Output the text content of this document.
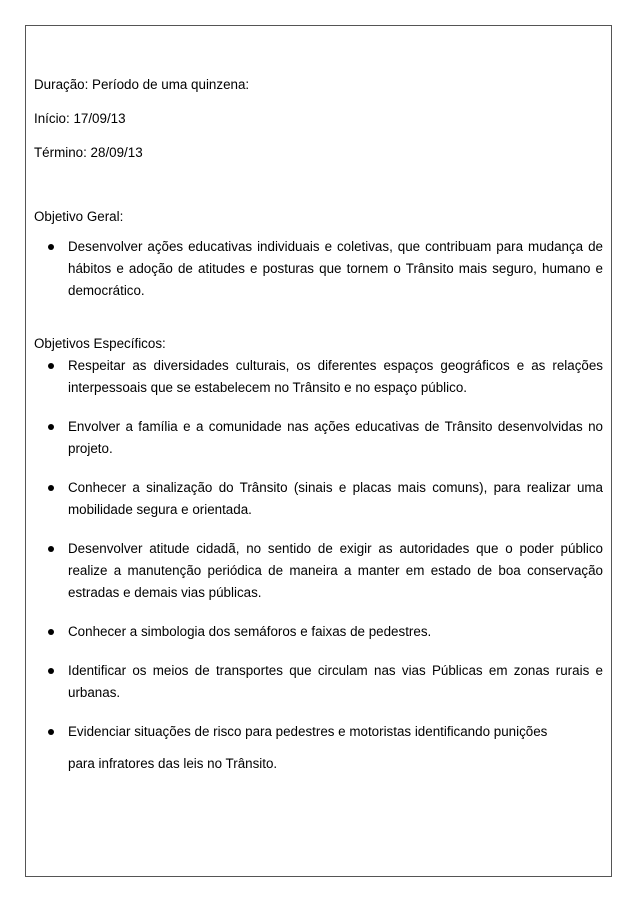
Duração: Período de uma quinzena:

Início: 17/09/13

Término: 28/09/13

Objetivo Geral:

Desenvolver ações educativas individuais e coletivas, que contribuam para mudança de hábitos e adoção de atitudes e posturas que tornem o Trânsito mais seguro, humano e democrático.

Objetivos Específicos:

Respeitar as diversidades culturais, os diferentes espaços geográficos e as relações interpessoais que se estabelecem no Trânsito e no espaço público.
Envolver a família e a comunidade nas ações educativas de Trânsito desenvolvidas no projeto.
Conhecer a sinalização do Trânsito (sinais e placas mais comuns), para realizar uma mobilidade segura e orientada.
Desenvolver atitude cidadã, no sentido de exigir as autoridades que o poder público realize a manutenção periódica de maneira a manter em estado de boa conservação estradas e demais vias públicas.
Conhecer a simbologia dos semáforos e faixas de pedestres.
Identificar os meios de transportes que circulam nas vias Públicas em zonas rurais e urbanas.
Evidenciar situações de risco para pedestres e motoristas identificando punições

para infratores das leis no Trânsito.
